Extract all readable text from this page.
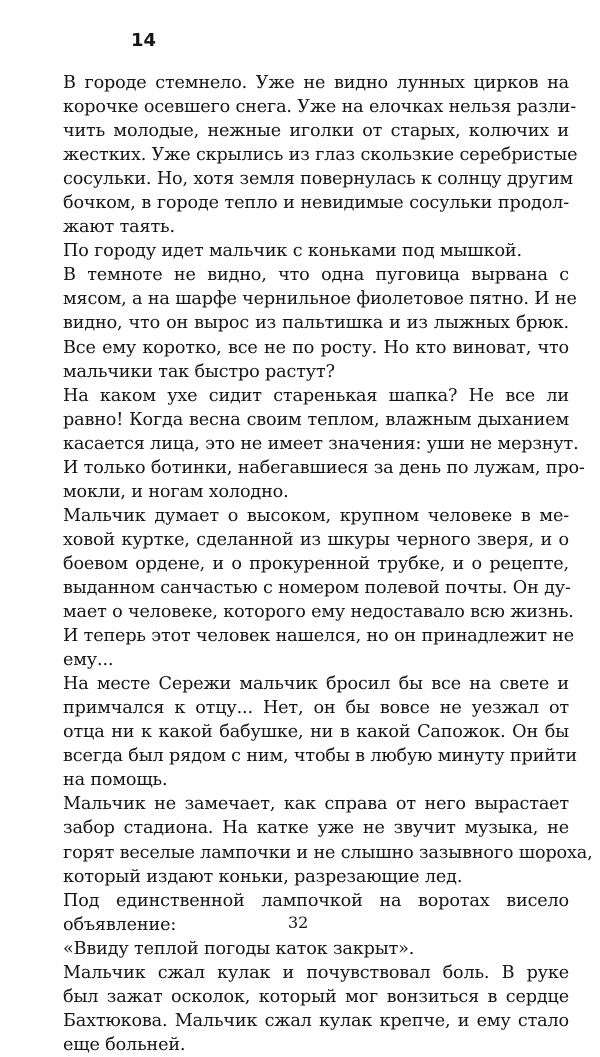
14

В городе стемнело. Уже не видно лунных цирков на
корочке осевшего снега. Уже на елочках нельзя разли-
чить молодые, нежные иголки от старых, колючих и
жестких. Уже скрылись из глаз скользкие серебристые
сосульки. Но, хотя земля повернулась к солнцу другим
бочком, в городе тепло и невидимые сосульки продол-
жают таять.
По городу идет мальчик с коньками под мышкой.
В темноте не видно, что одна пуговица вырвана с
мясом, а на шарфе чернильное фиолетовое пятно. И не
видно, что он вырос из пальтишка и из лыжных брюк.
Все ему коротко, все не по росту. Но кто виноват, что
мальчики так быстро растут?
На каком ухе сидит старенькая шапка? Не все ли
равно! Когда весна своим теплом, влажным дыханием
касается лица, это не имеет значения: уши не мерзнут.
И только ботинки, набегавшиеся за день по лужам, про-
мокли, и ногам холодно.
Мальчик думает о высоком, крупном человеке в ме-
ховой куртке, сделанной из шкуры черного зверя, и о
боевом ордене, и о прокуренной трубке, и о рецепте,
выданном санчастью с номером полевой почты. Он ду-
мает о человеке, которого ему недоставало всю жизнь.
И теперь этот человек нашелся, но он принадлежит не
ему...
На месте Сережи мальчик бросил бы все на свете и
примчался к отцу... Нет, он бы вовсе не уезжал от
отца ни к какой бабушке, ни в какой Сапожок. Он бы
всегда был рядом с ним, чтобы в любую минуту прийти
на помощь.
Мальчик не замечает, как справа от него вырастает
забор стадиона. На катке уже не звучит музыка, не
горят веселые лампочки и не слышно зазывного шороха,
который издают коньки, разрезающие лед.
Под единственной лампочкой на воротах висело
объявление:
«Ввиду теплой погоды каток закрыт».
Мальчик сжал кулак и почувствовал боль. В руке
был зажат осколок, который мог вонзиться в сердце
Бахтюкова. Мальчик сжал кулак крепче, и ему стало
еще больней.

32
